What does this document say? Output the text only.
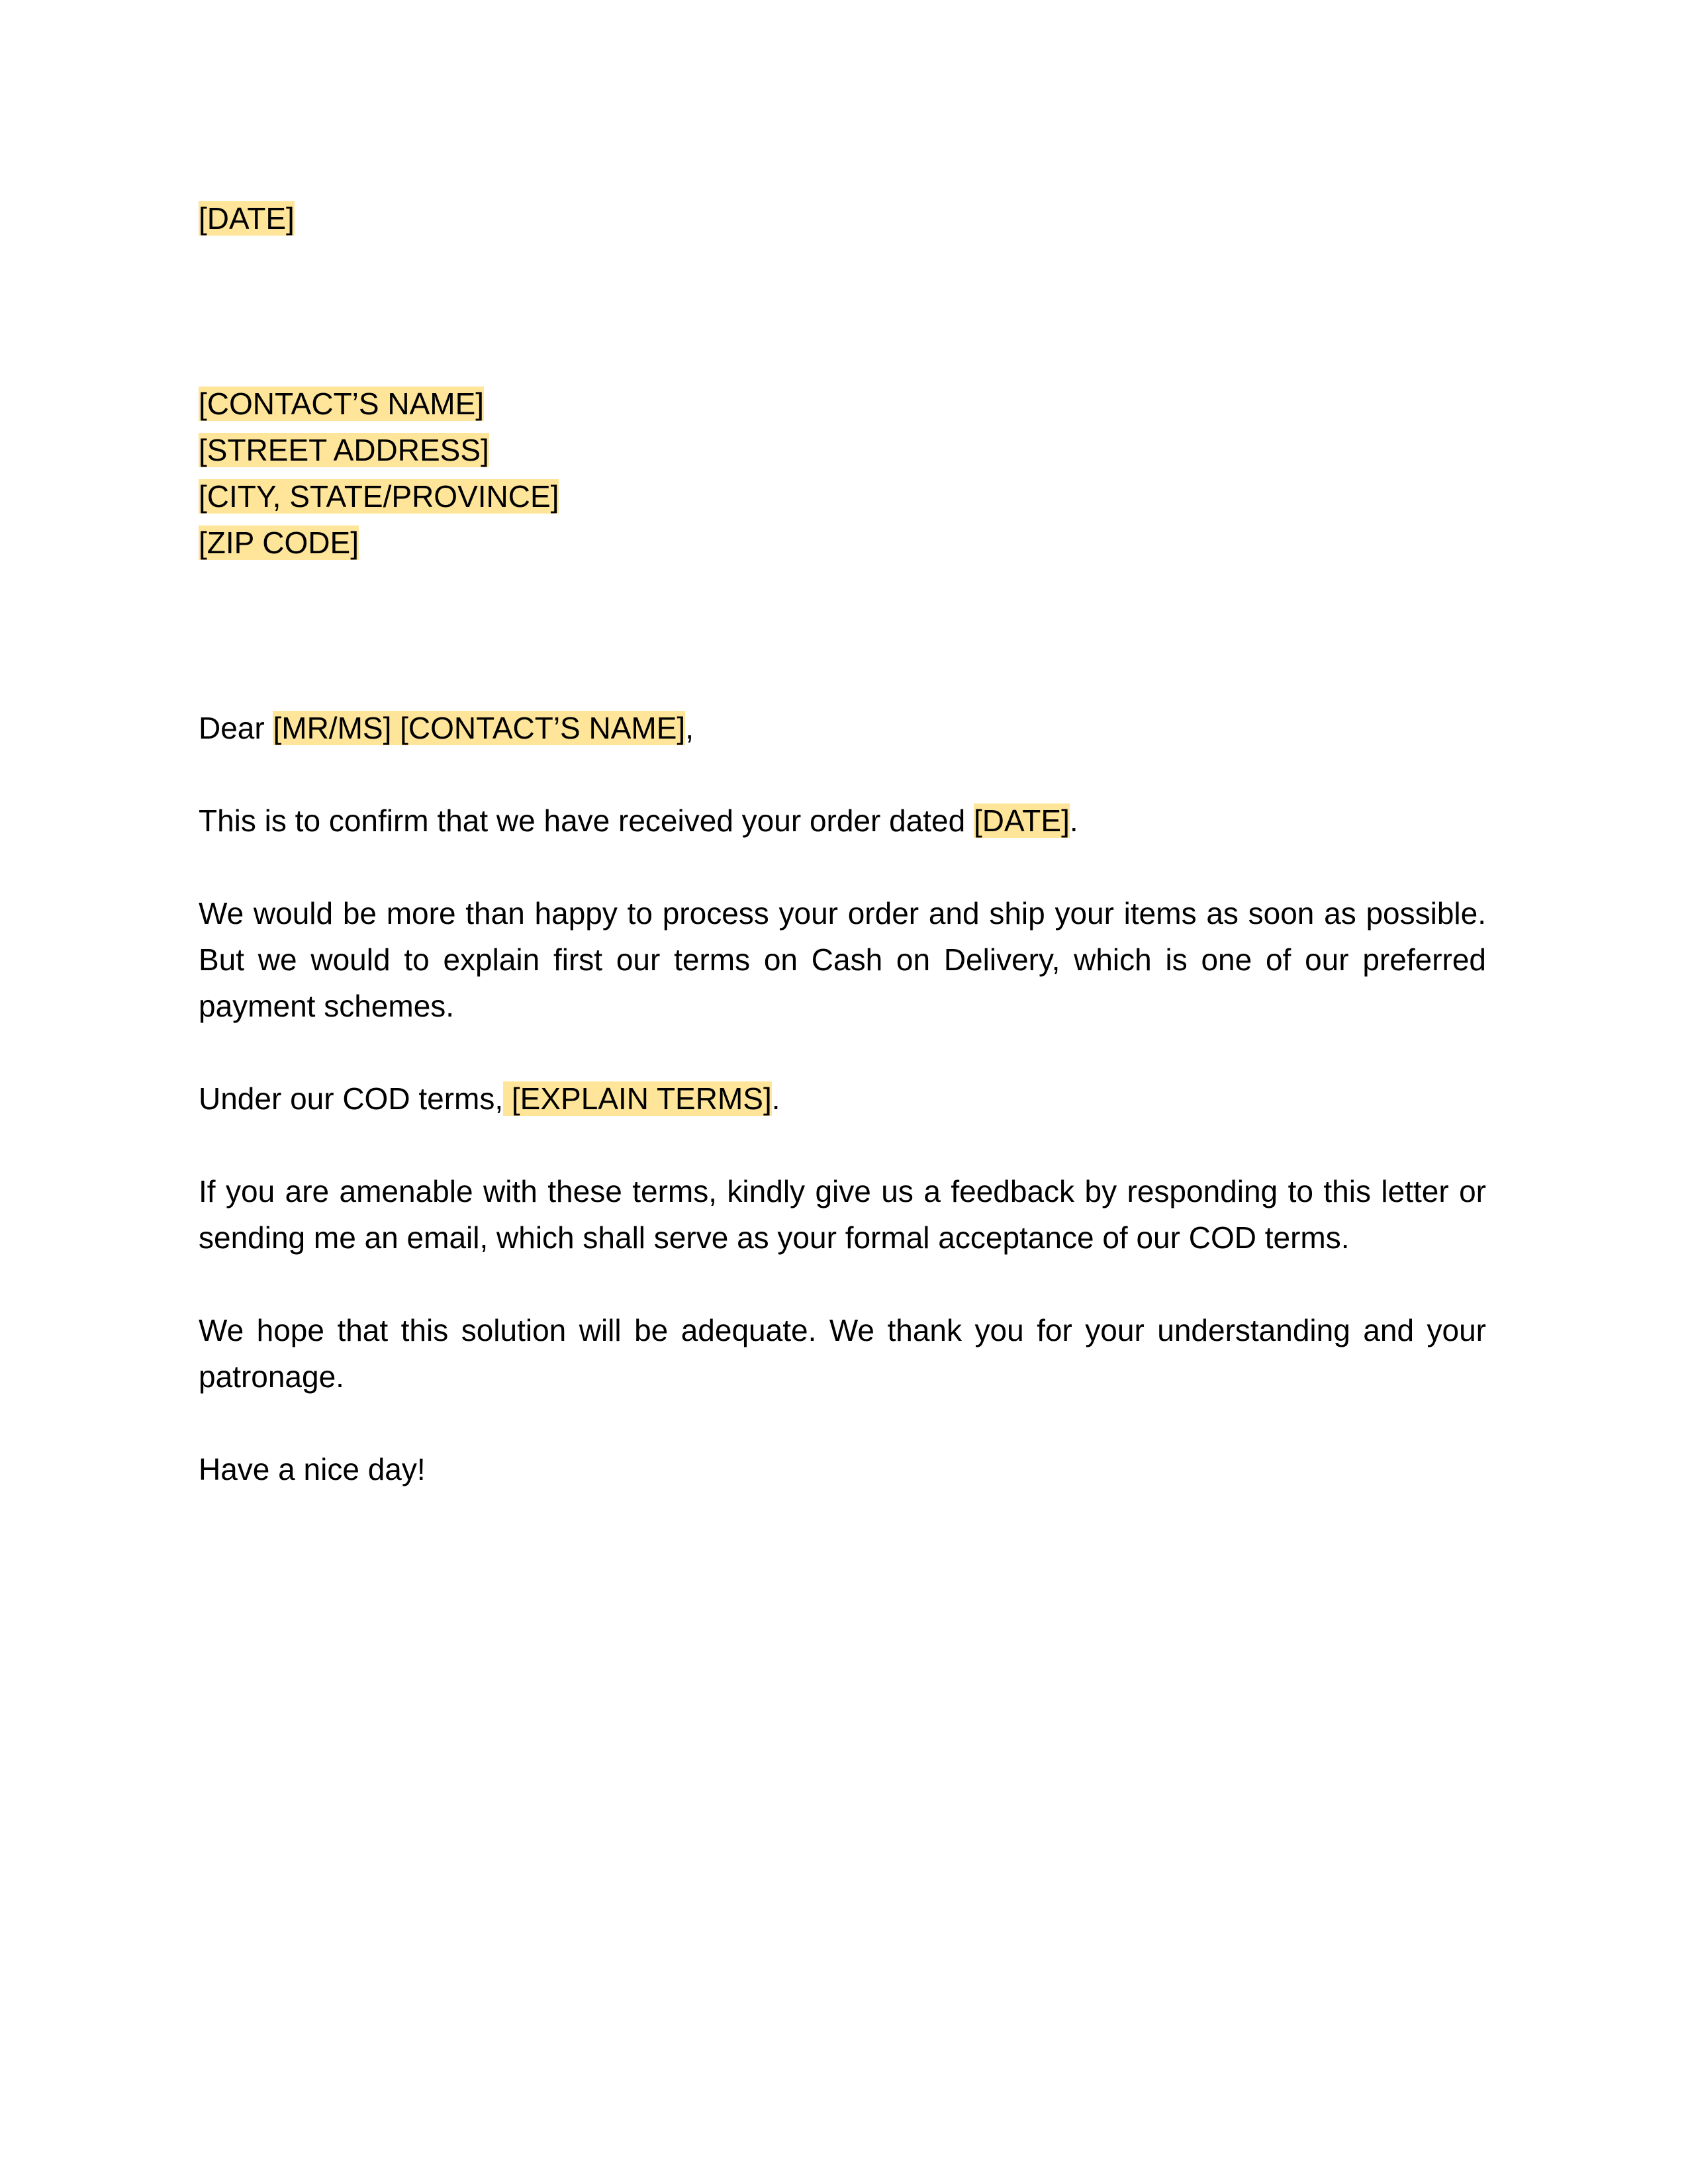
[DATE]
[CONTACT’S NAME]
[STREET ADDRESS]
[CITY, STATE/PROVINCE]
[ZIP CODE]
Dear [MR/MS] [CONTACT’S NAME],
This is to confirm that we have received your order dated [DATE].
We would be more than happy to process your order and ship your items as soon as possible.
But we would to explain first our terms on Cash on Delivery, which is one of our preferred
payment schemes.
Under our COD terms, [EXPLAIN TERMS].
If you are amenable with these terms, kindly give us a feedback by responding to this letter or
sending me an email, which shall serve as your formal acceptance of our COD terms.
We hope that this solution will be adequate. We thank you for your understanding and your
patronage.
Have a nice day!
